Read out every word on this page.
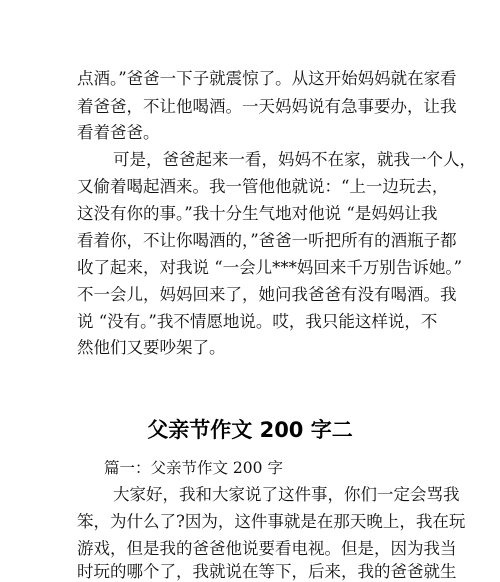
点酒。”爸爸一下子就震惊了。从这开始妈妈就在家看
着爸爸，不让他喝酒。一天妈妈说有急事要办，让我
看着爸爸。
可是，爸爸起来一看，妈妈不在家，就我一个人，
又偷着喝起酒来。我一管他他就说：“上一边玩去，
这没有你的事。”我十分生气地对他说 “是妈妈让我
看着你，不让你喝酒的，”爸爸一听把所有的酒瓶子都
收了起来，对我说 “一会儿***妈回来千万别告诉她。”
不一会儿，妈妈回来了，她问我爸爸有没有喝酒。我
说 “没有。”我不情愿地说。哎，我只能这样说，不
然他们又要吵架了。
父亲节作文 200 字二
篇一：父亲节作文 200 字
大家好，我和大家说了这件事，你们一定会骂我
笨，为什么了?因为，这件事就是在那天晚上，我在玩
游戏，但是我的爸爸他说要看电视。但是，因为我当
时玩的哪个了，我就说在等下，后来，我的爸爸就生
